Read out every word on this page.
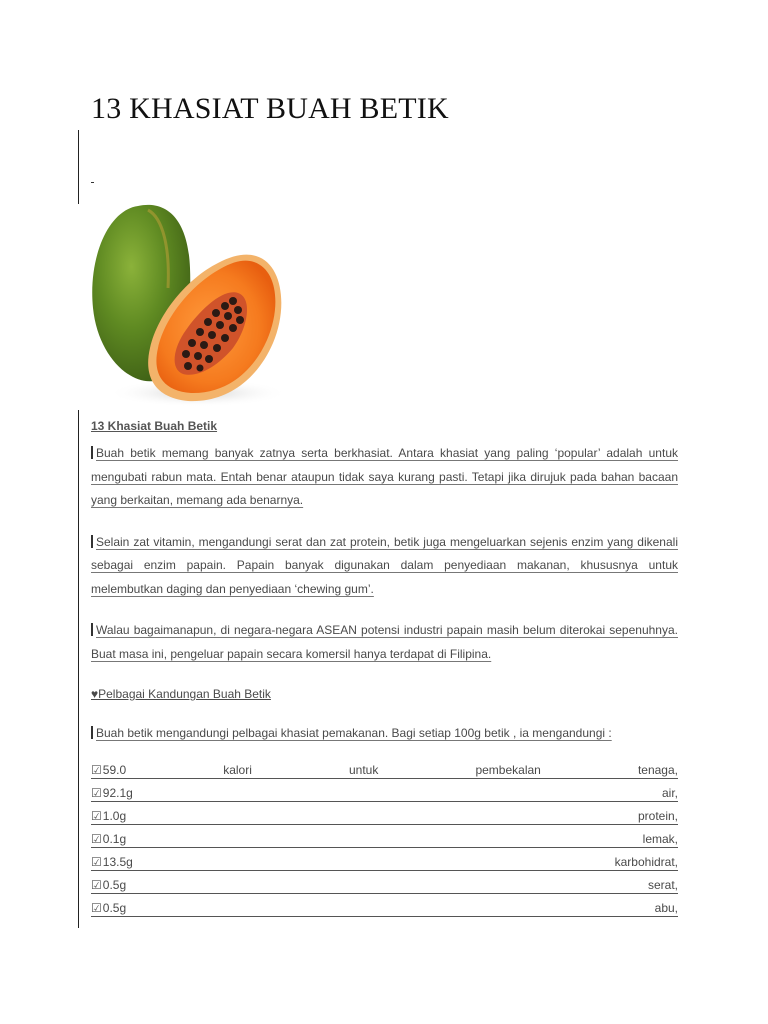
13 KHASIAT BUAH BETIK

13 Khasiat Buah Betik

Buah betik memang banyak zatnya serta berkhasiat. Antara khasiat yang paling ‘popular’ adalah untuk mengubati rabun mata. Entah benar ataupun tidak saya kurang pasti. Tetapi jika dirujuk pada bahan bacaan yang berkaitan, memang ada benarnya.

Selain zat vitamin, mengandungi serat dan zat protein, betik juga mengeluarkan sejenis enzim yang dikenali sebagai enzim papain. Papain banyak digunakan dalam penyediaan makanan, khususnya untuk melembutkan daging dan penyediaan ‘chewing gum’.

Walau bagaimanapun, di negara-negara ASEAN potensi industri papain masih belum diterokai sepenuhnya. Buat masa ini, pengeluar papain secara komersil hanya terdapat di Filipina.

♥Pelbagai Kandungan Buah Betik

Buah betik mengandungi pelbagai khasiat pemakanan. Bagi setiap 100g betik , ia mengandungi :

☑ 59.0	kalori	untuk	pembekalan	tenaga,
☑ 92.1g	air,
☑ 1.0g	protein,
☑ 0.1g	lemak,
☑ 13.5g	karbohidrat,
☑ 0.5g	serat,
☑ 0.5g	abu,
